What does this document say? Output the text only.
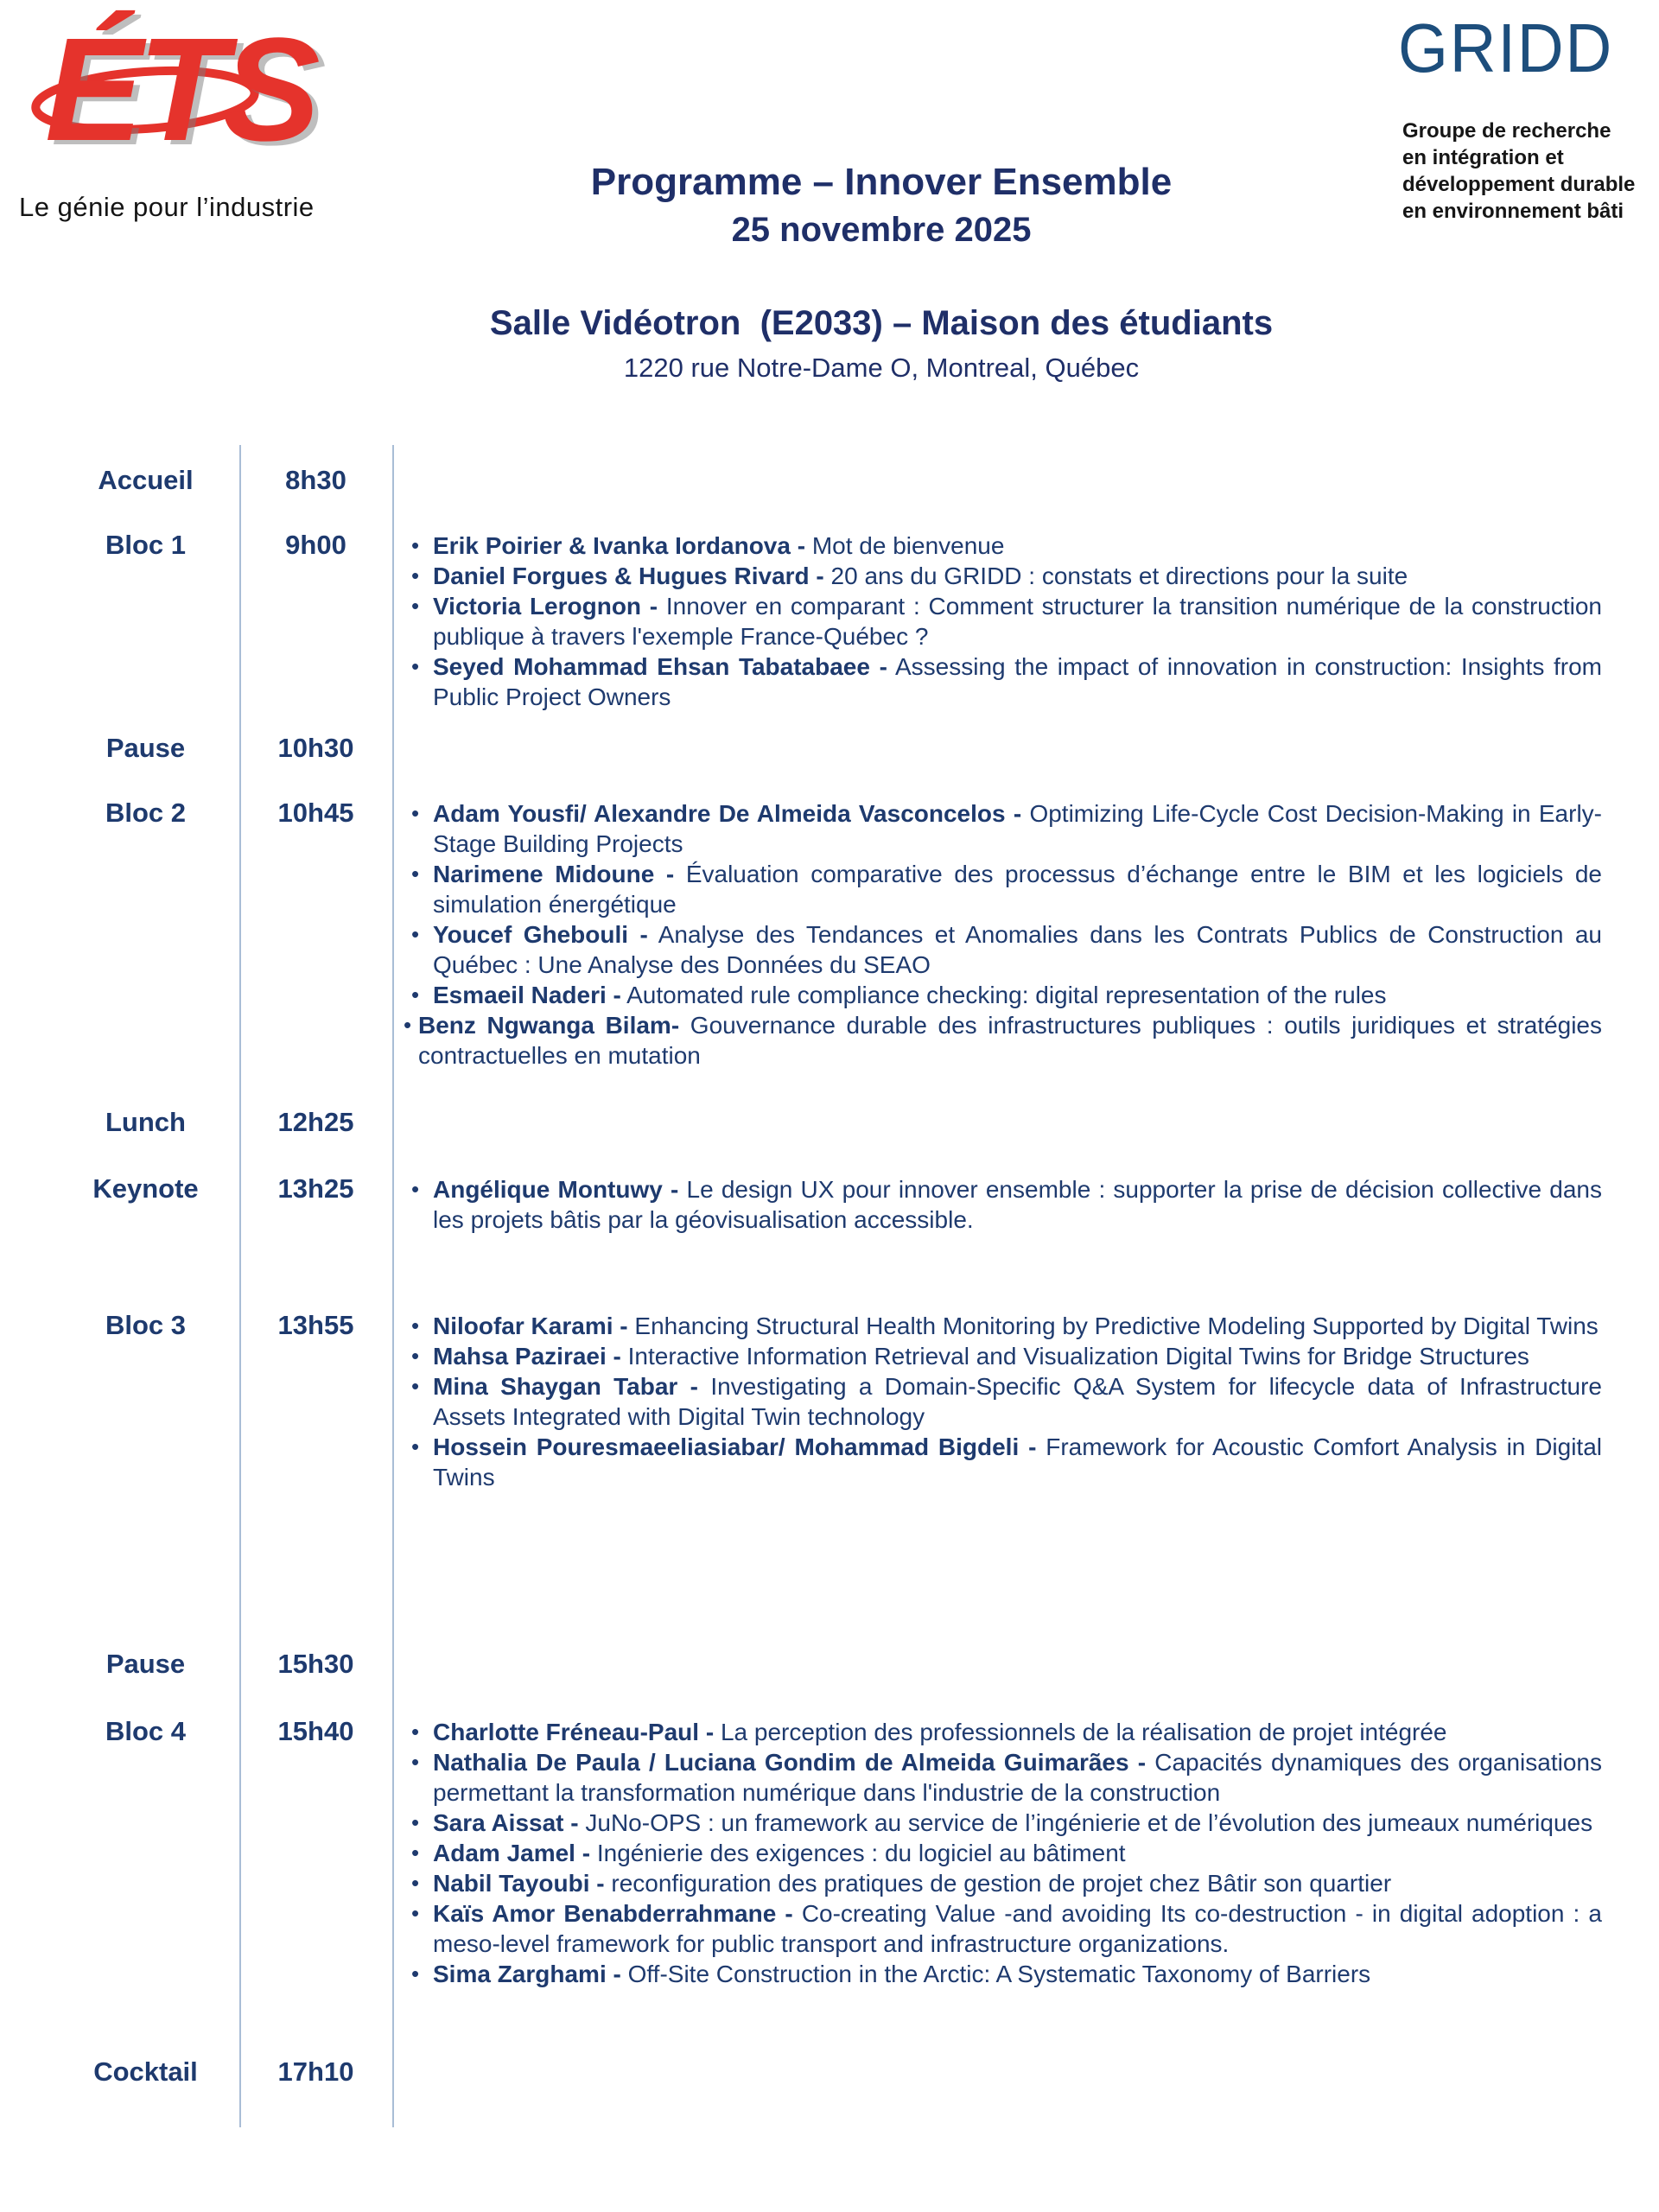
ÉTS
Le génie pour l’industrie
GRIDD
Groupe de recherche
en intégration et
développement durable
en environnement bâti
Programme – Innover Ensemble
25 novembre 2025
Salle Vidéotron  (E2033) – Maison des étudiants
1220 rue Notre-Dame O, Montreal, Québec
Accueil	8h30
Bloc 1	9h00	• Erik Poirier & Ivanka Iordanova - Mot de bienvenue
• Daniel Forgues & Hugues Rivard - 20 ans du GRIDD : constats et directions pour la suite
• Victoria Lerognon - Innover en comparant : Comment structurer la transition numérique de la construction publique à travers l'exemple France-Québec ?
• Seyed Mohammad Ehsan Tabatabaee - Assessing the impact of innovation in construction: Insights from Public Project Owners
Pause	10h30
Bloc 2	10h45	• Adam Yousfi/ Alexandre De Almeida Vasconcelos - Optimizing Life-Cycle Cost Decision-Making in Early-Stage Building Projects
• Narimene Midoune - Évaluation comparative des processus d’échange entre le BIM et les logiciels de simulation énergétique
• Youcef Ghebouli - Analyse des Tendances et Anomalies dans les Contrats Publics de Construction au Québec : Une Analyse des Données du SEAO
• Esmaeil Naderi - Automated rule compliance checking: digital representation of the rules
• Benz Ngwanga Bilam- Gouvernance durable des infrastructures publiques : outils juridiques et stratégies contractuelles en mutation
Lunch	12h25
Keynote	13h25	• Angélique Montuwy - Le design UX pour innover ensemble : supporter la prise de décision collective dans les projets bâtis par la géovisualisation accessible.
Bloc 3	13h55	• Niloofar Karami - Enhancing Structural Health Monitoring by Predictive Modeling Supported by Digital Twins
• Mahsa Paziraei - Interactive Information Retrieval and Visualization Digital Twins for Bridge Structures
• Mina Shaygan Tabar - Investigating a Domain-Specific Q&A System for lifecycle data of Infrastructure Assets Integrated with Digital Twin technology
• Hossein Pouresmaeeliasiabar/ Mohammad Bigdeli - Framework for Acoustic Comfort Analysis in Digital Twins
Pause	15h30
Bloc 4	15h40	• Charlotte Fréneau-Paul - La perception des professionnels de la réalisation de projet intégrée
• Nathalia De Paula / Luciana Gondim de Almeida Guimarães - Capacités dynamiques des organisations permettant la transformation numérique dans l'industrie de la construction
• Sara Aissat - JuNo-OPS : un framework au service de l’ingénierie et de l’évolution des jumeaux numériques
• Adam Jamel - Ingénierie des exigences : du logiciel au bâtiment
• Nabil Tayoubi - reconfiguration des pratiques de gestion de projet chez Bâtir son quartier
• Kaïs Amor Benabderrahmane - Co-creating Value -and avoiding Its co-destruction - in digital adoption : a meso-level framework for public transport and infrastructure organizations.
• Sima Zarghami - Off-Site Construction in the Arctic: A Systematic Taxonomy of Barriers
Cocktail	17h10
